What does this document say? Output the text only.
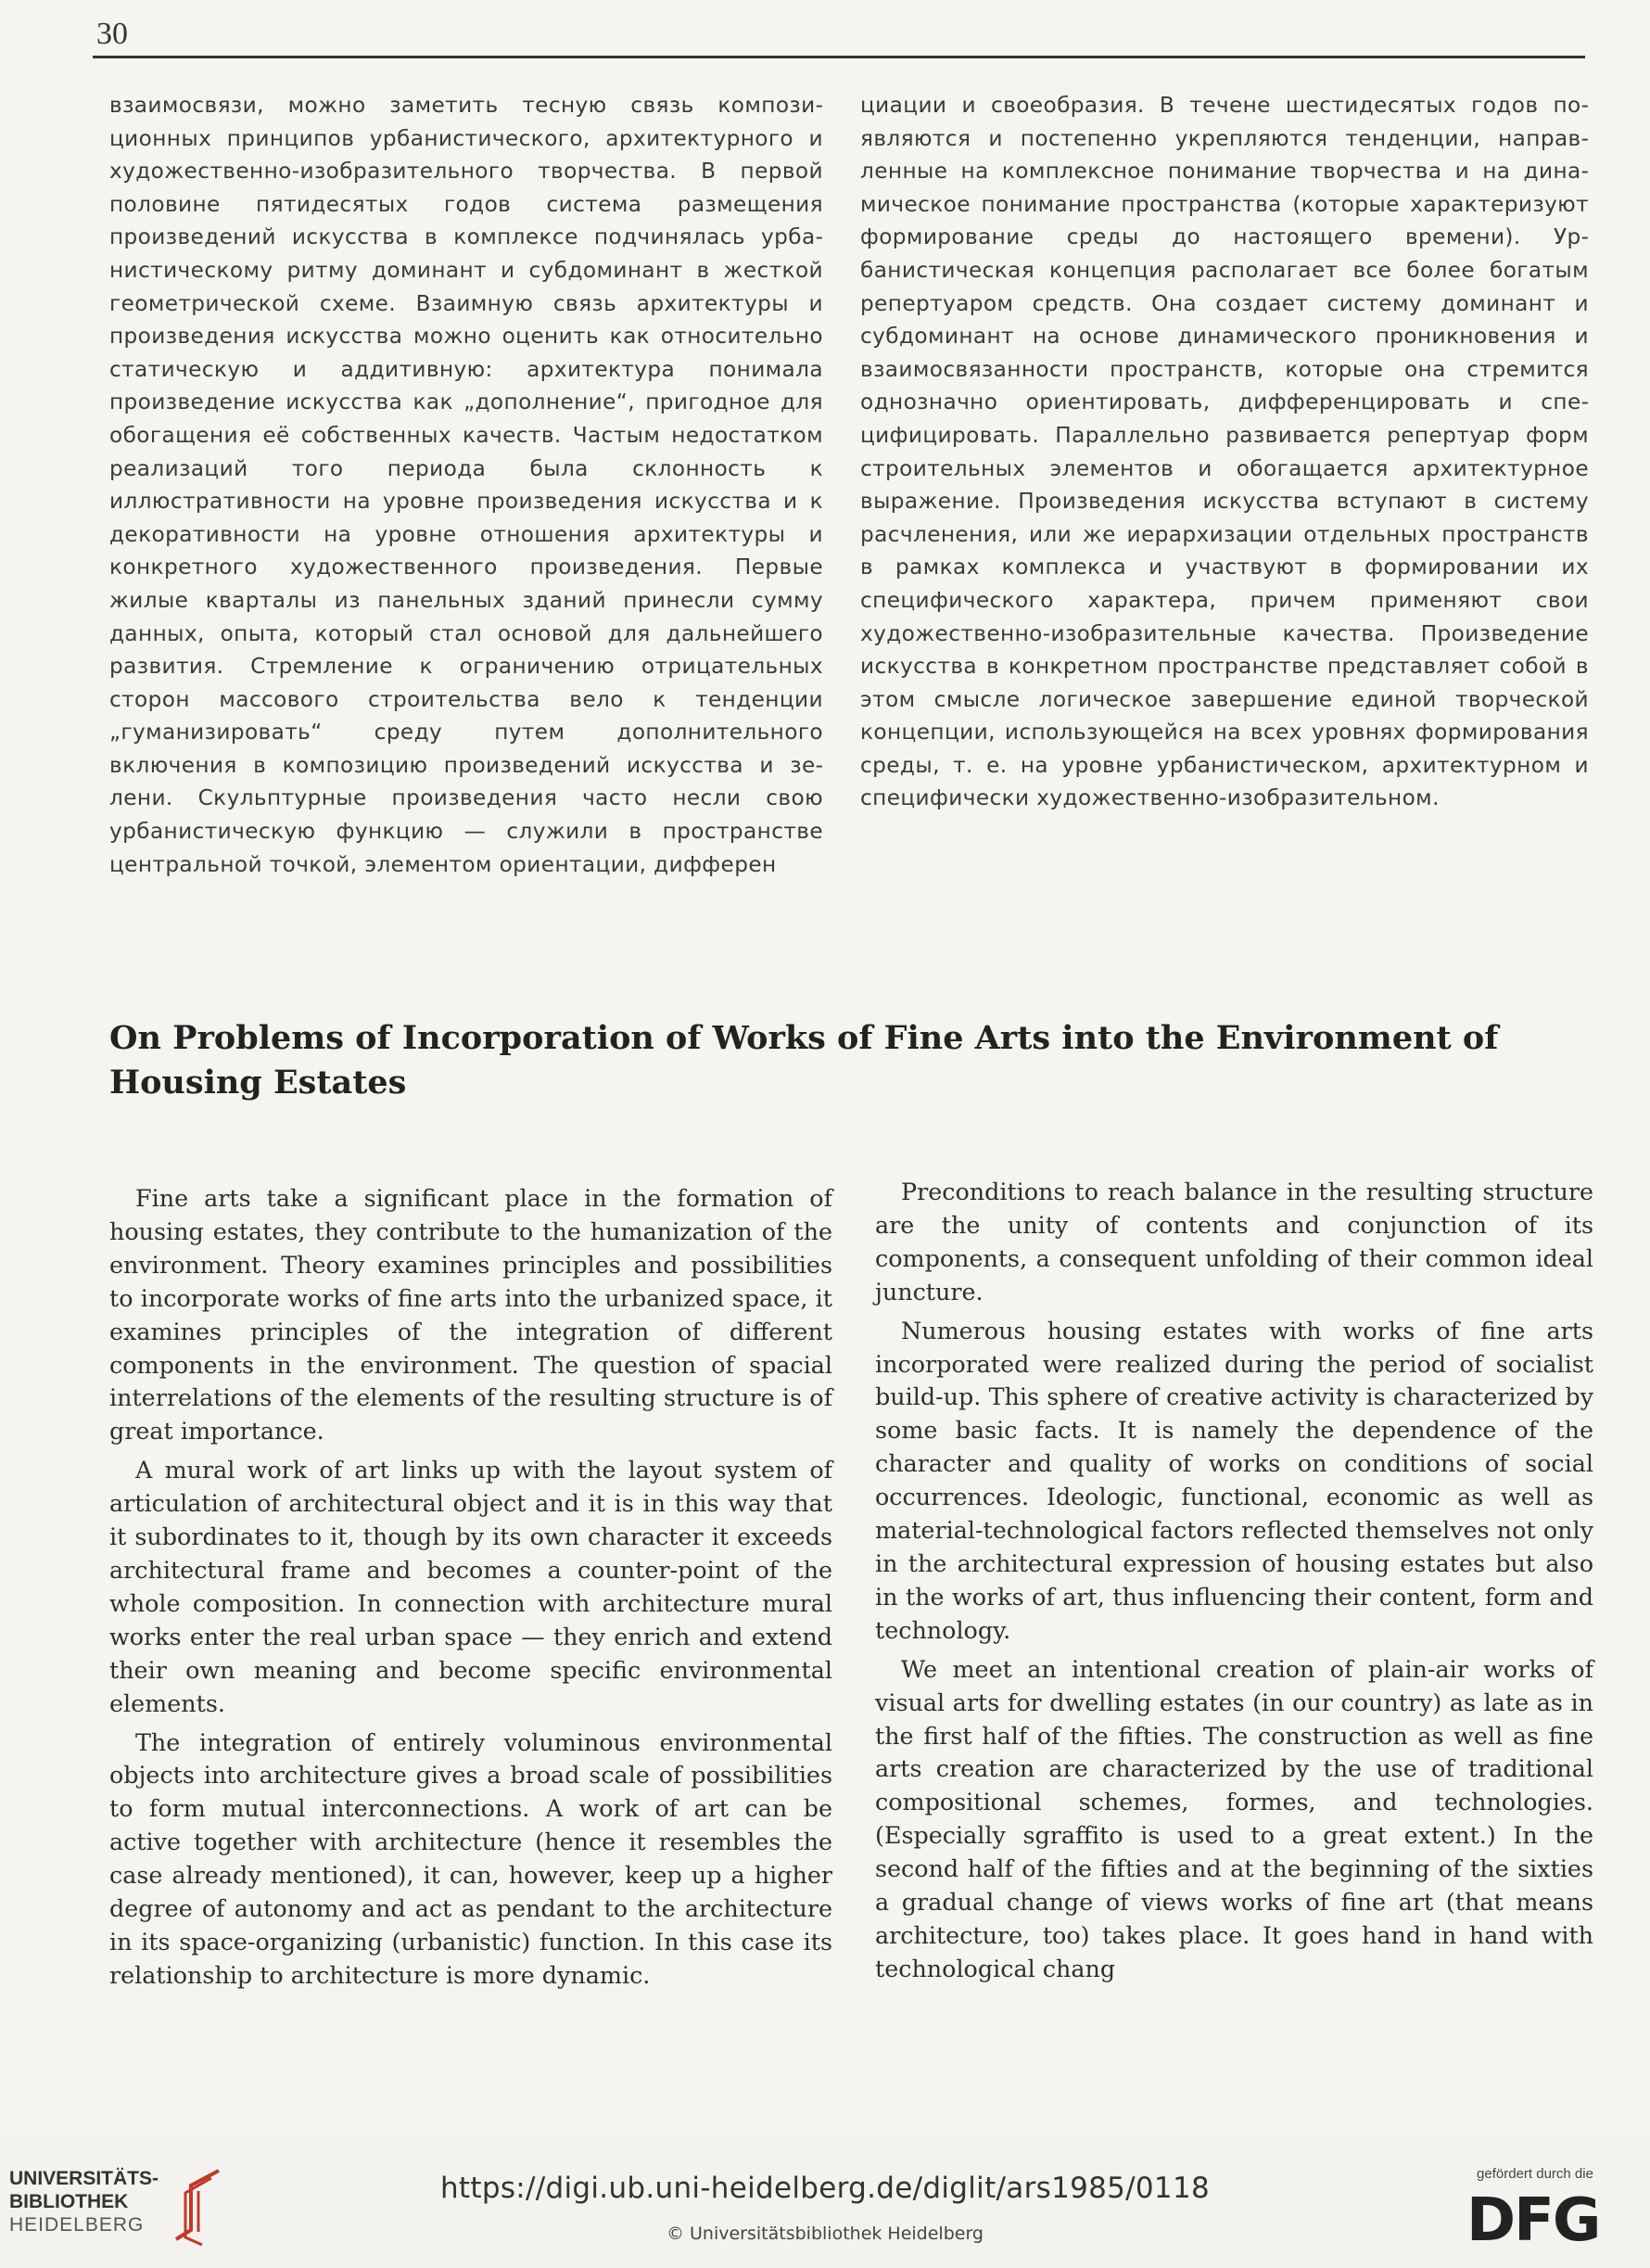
30

взаимосвязи, можно заметить тесную связь композиционных принципов урбанистического, архитектурного и художественно-изобразительного творчества. В первой половине пятидесятых годов система размещения произведений искусства в комплексе подчинялась урбанистическому ритму доминант и субдоминант в жесткой геометрической схеме. Взаимную связь архитектуры и произведения искусства можно оценить как относительно статическую и аддитивную: архитектура понимала произведение искусства как „дополнение“, пригодное для обогащения её собственных качеств. Частым недостатком реализаций того периода была склонность к иллюстративности на уровне произведения искусства и к декоративности на уровне отношения архитектуры и конкретного художественного произведения. Первые жилые кварталы из панельных зданий принесли сумму данных, опыта, который стал основой для дальнейшего развития. Стремление к ограничению отрицательных сторон массового строительства вело к тенденции „гуманизировать“ среду путем дополнительного включения в композицию произведений искусства и зелени. Скульптурные произведения часто несли свою урбанистическую функцию — служили в пространстве центральной точкой, элементом ориентации, дифферен

циации и своеобразия. В течене шестидесятых годов появляются и постепенно укрепляются тенденции, направленные на комплексное понимание творчества и на динамическое понимание пространства (которые характеризуют формирование среды до настоящего времени). Урбанистическая концепция располагает все более богатым репертуаром средств. Она создает систему доминант и субдоминант на основе динамического проникновения и взаимосвязанности пространств, которые она стремится однозначно ориентировать, дифференцировать и специфицировать. Параллельно развивается репертуар форм строительных элементов и обогащается архитектурное выражение. Произведения искусства вступают в систему расчленения, или же иерархизации отдельных пространств в рамках комплекса и участвуют в формировании их специфического характера, причем применяют свои художественно-изобразительные качества. Произведение искусства в конкретном пространстве представляет собой в этом смысле логическое завершение единой творческой концепции, использующейся на всех уровнях формирования среды, т. е. на уровне урбанистическом, архитектурном и специфически художественно-изобразительном.

On Problems of Incorporation of Works of Fine Arts into the Environment of Housing Estates

Fine arts take a significant place in the formation of housing estates, they contribute to the humanization of the environment. Theory examines principles and possibilities to incorporate works of fine arts into the urbanized space, it examines principles of the integration of different components in the environment. The question of spacial interrelations of the elements of the resulting structure is of great importance.

A mural work of art links up with the layout system of articulation of architectural object and it is in this way that it subordinates to it, though by its own character it exceeds architectural frame and becomes a counter-point of the whole composition. In connection with architecture mural works enter the real urban space — they enrich and extend their own meaning and become specific environmental elements.

The integration of entirely voluminous environmental objects into architecture gives a broad scale of possibilities to form mutual interconnections. A work of art can be active together with architecture (hence it resembles the case already mentioned), it can, however, keep up a higher degree of autonomy and act as pendant to the architecture in its space-organizing (urbanistic) function. In this case its relationship to architecture is more dynamic.

Preconditions to reach balance in the resulting structure are the unity of contents and conjunction of its components, a consequent unfolding of their common ideal juncture.

Numerous housing estates with works of fine arts incorporated were realized during the period of socialist build-up. This sphere of creative activity is characterized by some basic facts. It is namely the dependence of the character and quality of works on conditions of social occurrences. Ideologic, functional, economic as well as material-technological factors reflected themselves not only in the architectural expression of housing estates but also in the works of art, thus influencing their content, form and technology.

We meet an intentional creation of plain-air works of visual arts for dwelling estates (in our country) as late as in the first half of the fifties. The construction as well as fine arts creation are characterized by the use of traditional compositional schemes, formes, and technologies. (Especially sgraffito is used to a great extent.) In the second half of the fifties and at the beginning of the sixties a gradual change of views works of fine art (that means architecture, too) takes place. It goes hand in hand with technological chang

UNIVERSITÄTS-
BIBLIOTHEK
HEIDELBERG
https://digi.ub.uni-heidelberg.de/diglit/ars1985/0118
© Universitätsbibliothek Heidelberg
gefördert durch die
DFG
